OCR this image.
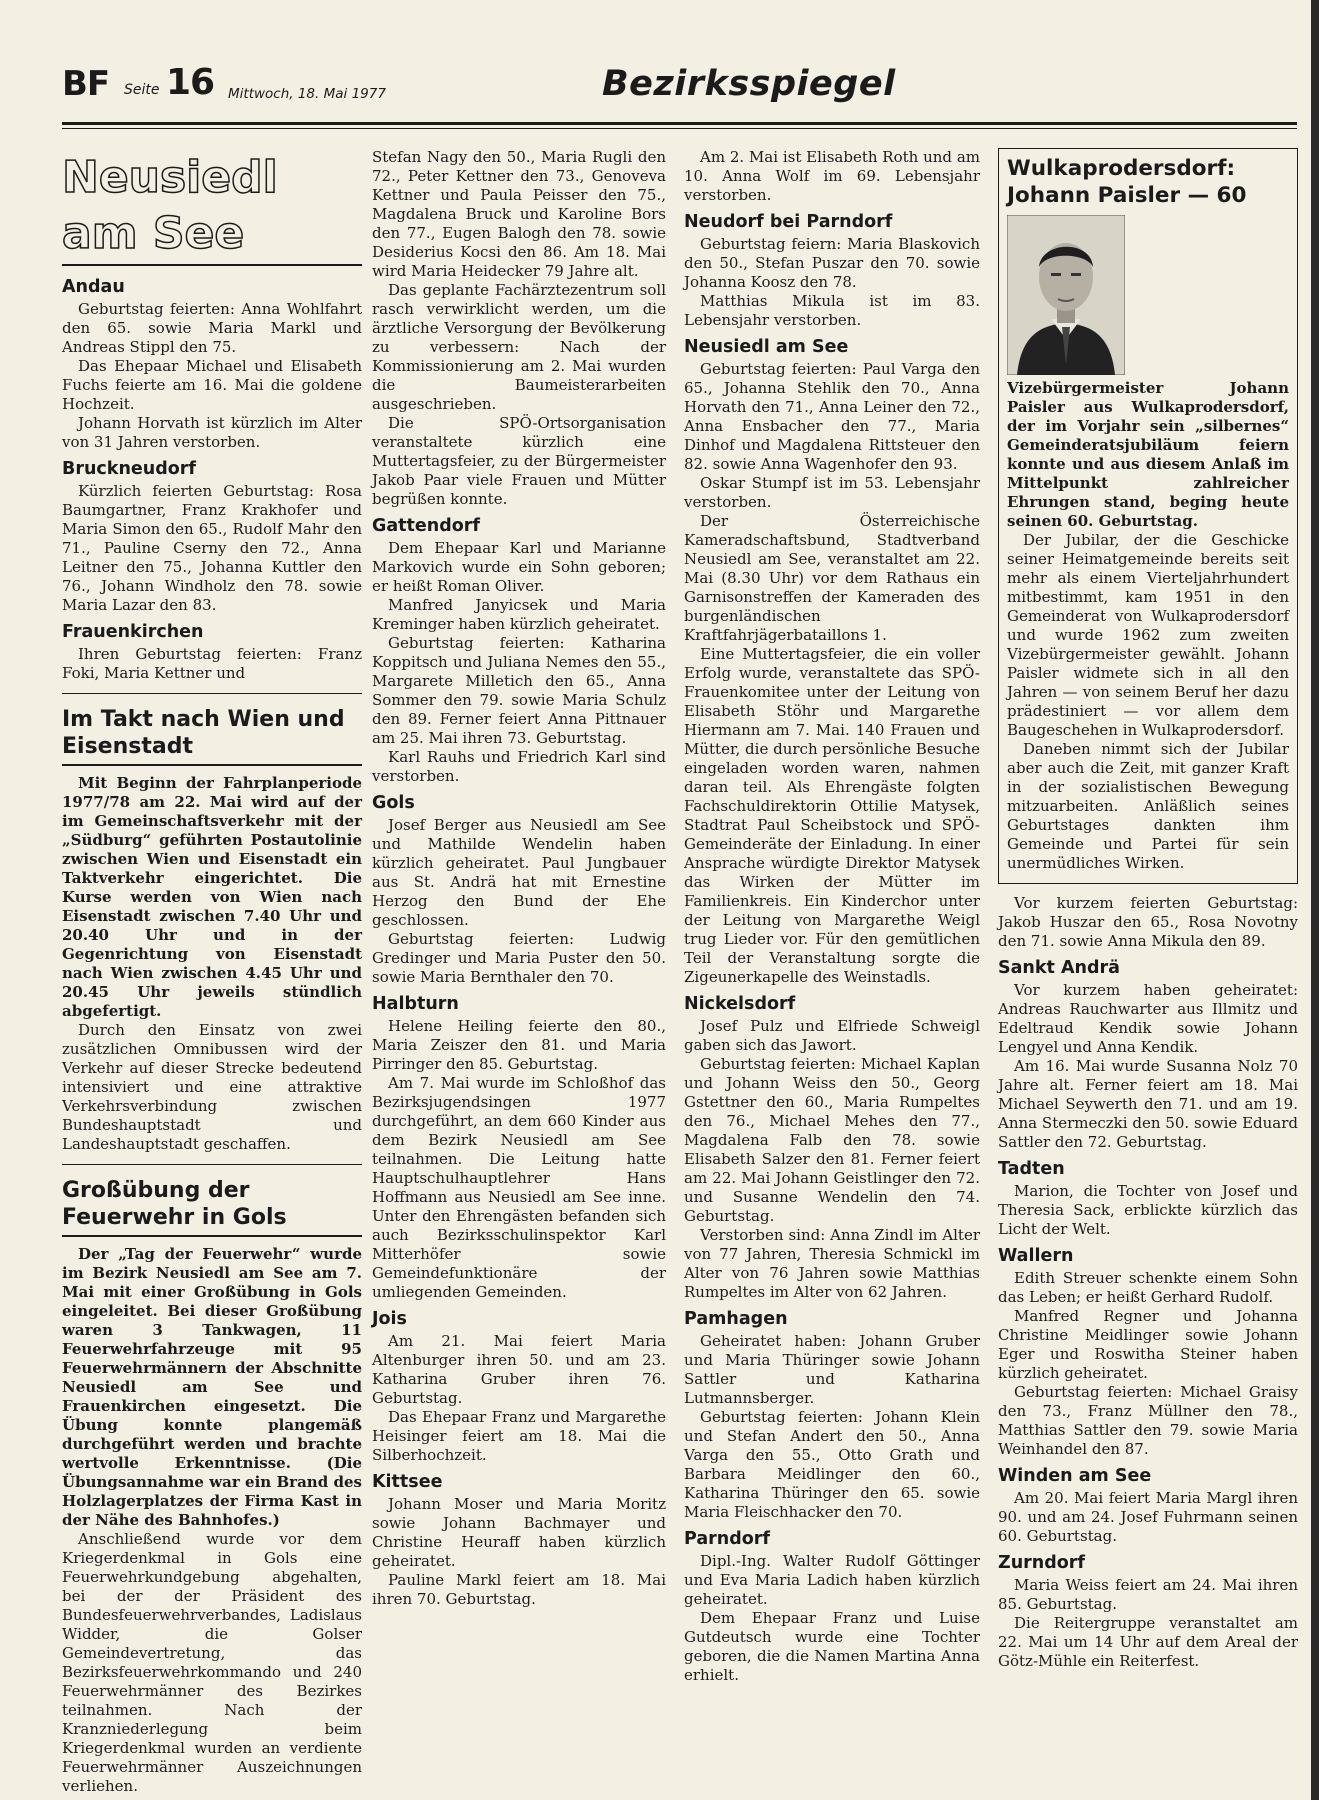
BF Seite 16 Mittwoch, 18. Mai 1977	Bezirksspiegel
Neusiedl am See
Andau

Geburtstag feierten: Anna Wohlfahrt den 65. sowie Maria Markl und Andreas Stippl den 75.

Das Ehepaar Michael und Elisabeth Fuchs feierte am 16. Mai die goldene Hochzeit.

Johann Horvath ist kürzlich im Alter von 31 Jahren verstorben.

Bruckneudorf

Kürzlich feierten Geburtstag: Rosa Baumgartner, Franz Krakhofer und Maria Simon den 65., Rudolf Mahr den 71., Pauline Cserny den 72., Anna Leitner den 75., Johanna Kuttler den 76., Johann Windholz den 78. sowie Maria Lazar den 83.

Frauenkirchen

Ihren Geburtstag feierten: Franz Foki, Maria Kettner und

Im Takt nach Wien und Eisenstadt

Mit Beginn der Fahrplanperiode 1977/78 am 22. Mai wird auf der im Gemeinschaftsverkehr mit der „Südburg“ geführten Postautolinie zwischen Wien und Eisenstadt ein Taktverkehr eingerichtet. Die Kurse werden von Wien nach Eisenstadt zwischen 7.40 Uhr und 20.40 Uhr und in der Gegenrichtung von Eisenstadt nach Wien zwischen 4.45 Uhr und 20.45 Uhr jeweils stündlich abgefertigt.

Durch den Einsatz von zwei zusätzlichen Omnibussen wird der Verkehr auf dieser Strecke bedeutend intensiviert und eine attraktive Verkehrsverbindung zwischen Bundeshauptstadt und Landeshauptstadt geschaffen.

Großübung der Feuerwehr in Gols

Der „Tag der Feuerwehr“ wurde im Bezirk Neusiedl am See am 7. Mai mit einer Großübung in Gols eingeleitet. Bei dieser Großübung waren 3 Tankwagen, 11 Feuerwehrfahrzeuge mit 95 Feuerwehrmännern der Abschnitte Neusiedl am See und Frauenkirchen eingesetzt. Die Übung konnte plangemäß durchgeführt werden und brachte wertvolle Erkenntnisse. (Die Übungsannahme war ein Brand des Holzlagerplatzes der Firma Kast in der Nähe des Bahnhofes.)

Anschließend wurde vor dem Kriegerdenkmal in Gols eine Feuerwehrkundgebung abgehalten, bei der der Präsident des Bundesfeuerwehrverbandes, Ladislaus Widder, die Golser Gemeindevertretung, das Bezirksfeuerwehrkommando und 240 Feuerwehrmänner des Bezirkes teilnahmen. Nach der Kranzniederlegung beim Kriegerdenkmal wurden an verdiente Feuerwehrmänner Auszeichnungen verliehen.

Stefan Nagy den 50., Maria Rugli den 72., Peter Kettner den 73., Genoveva Kettner und Paula Peisser den 75., Magdalena Bruck und Karoline Bors den 77., Eugen Balogh den 78. sowie Desiderius Kocsi den 86. Am 18. Mai wird Maria Heidecker 79 Jahre alt.

Das geplante Fachärztezentrum soll rasch verwirklicht werden, um die ärztliche Versorgung der Bevölkerung zu verbessern: Nach der Kommissionierung am 2. Mai wurden die Baumeisterarbeiten ausgeschrieben.

Die SPÖ-Ortsorganisation veranstaltete kürzlich eine Muttertagsfeier, zu der Bürgermeister Jakob Paar viele Frauen und Mütter begrüßen konnte.

Gattendorf

Dem Ehepaar Karl und Marianne Markovich wurde ein Sohn geboren; er heißt Roman Oliver.

Manfred Janyicsek und Maria Kreminger haben kürzlich geheiratet.

Geburtstag feierten: Katharina Koppitsch und Juliana Nemes den 55., Margarete Milletich den 65., Anna Sommer den 79. sowie Maria Schulz den 89. Ferner feiert Anna Pittnauer am 25. Mai ihren 73. Geburtstag.

Karl Rauhs und Friedrich Karl sind verstorben.

Gols

Josef Berger aus Neusiedl am See und Mathilde Wendelin haben kürzlich geheiratet. Paul Jungbauer aus St. Andrä hat mit Ernestine Herzog den Bund der Ehe geschlossen.

Geburtstag feierten: Ludwig Gredinger und Maria Puster den 50. sowie Maria Bernthaler den 70.

Halbturn

Helene Heiling feierte den 80., Maria Zeiszer den 81. und Maria Pirringer den 85. Geburtstag.

Am 7. Mai wurde im Schloßhof das Bezirksjugendsingen 1977 durchgeführt, an dem 660 Kinder aus dem Bezirk Neusiedl am See teilnahmen. Die Leitung hatte Hauptschulhauptlehrer Hans Hoffmann aus Neusiedl am See inne. Unter den Ehrengästen befanden sich auch Bezirksschulinspektor Karl Mitterhöfer sowie Gemeindefunktionäre der umliegenden Gemeinden.

Jois

Am 21. Mai feiert Maria Altenburger ihren 50. und am 23. Katharina Gruber ihren 76. Geburtstag.

Das Ehepaar Franz und Margarethe Heisinger feiert am 18. Mai die Silberhochzeit.

Kittsee

Johann Moser und Maria Moritz sowie Johann Bachmayer und Christine Heuraff haben kürzlich geheiratet.

Pauline Markl feiert am 18. Mai ihren 70. Geburtstag.

Am 2. Mai ist Elisabeth Roth und am 10. Anna Wolf im 69. Lebensjahr verstorben.

Neudorf bei Parndorf

Geburtstag feiern: Maria Blaskovich den 50., Stefan Puszar den 70. sowie Johanna Koosz den 78.

Matthias Mikula ist im 83. Lebensjahr verstorben.

Neusiedl am See

Geburtstag feierten: Paul Varga den 65., Johanna Stehlik den 70., Anna Horvath den 71., Anna Leiner den 72., Anna Ensbacher den 77., Maria Dinhof und Magdalena Rittsteuer den 82. sowie Anna Wagenhofer den 93.

Oskar Stumpf ist im 53. Lebensjahr verstorben.

Der Österreichische Kameradschaftsbund, Stadtverband Neusiedl am See, veranstaltet am 22. Mai (8.30 Uhr) vor dem Rathaus ein Garnisonstreffen der Kameraden des burgenländischen Kraftfahrjägerbataillons 1.

Eine Muttertagsfeier, die ein voller Erfolg wurde, veranstaltete das SPÖ-Frauenkomitee unter der Leitung von Elisabeth Stöhr und Margarethe Hiermann am 7. Mai. 140 Frauen und Mütter, die durch persönliche Besuche eingeladen worden waren, nahmen daran teil. Als Ehrengäste folgten Fachschuldirektorin Ottilie Matysek, Stadtrat Paul Scheibstock und SPÖ-Gemeinderäte der Einladung. In einer Ansprache würdigte Direktor Matysek das Wirken der Mütter im Familienkreis. Ein Kinderchor unter der Leitung von Margarethe Weigl trug Lieder vor. Für den gemütlichen Teil der Veranstaltung sorgte die Zigeunerkapelle des Weinstadls.

Nickelsdorf

Josef Pulz und Elfriede Schweigl gaben sich das Jawort.

Geburtstag feierten: Michael Kaplan und Johann Weiss den 50., Georg Gstettner den 60., Maria Rumpeltes den 76., Michael Mehes den 77., Magdalena Falb den 78. sowie Elisabeth Salzer den 81. Ferner feiert am 22. Mai Johann Geistlinger den 72. und Susanne Wendelin den 74. Geburtstag.

Verstorben sind: Anna Zindl im Alter von 77 Jahren, Theresia Schmickl im Alter von 76 Jahren sowie Matthias Rumpeltes im Alter von 62 Jahren.

Pamhagen

Geheiratet haben: Johann Gruber und Maria Thüringer sowie Johann Sattler und Katharina Lutmannsberger.

Geburtstag feierten: Johann Klein und Stefan Andert den 50., Anna Varga den 55., Otto Grath und Barbara Meidlinger den 60., Katharina Thüringer den 65. sowie Maria Fleischhacker den 70.

Parndorf

Dipl.-Ing. Walter Rudolf Göttinger und Eva Maria Ladich haben kürzlich geheiratet.

Dem Ehepaar Franz und Luise Gutdeutsch wurde eine Tochter geboren, die die Namen Martina Anna erhielt.

Wulkaprodersdorf:
Johann Paisler — 60

Vizebürgermeister Johann Paisler aus Wulkaprodersdorf, der im Vorjahr sein „silbernes“ Gemeinderatsjubiläum feiern konnte und aus diesem Anlaß im Mittelpunkt zahlreicher Ehrungen stand, beging heute seinen 60. Geburtstag.

Der Jubilar, der die Geschicke seiner Heimatgemeinde bereits seit mehr als einem Vierteljahrhundert mitbestimmt, kam 1951 in den Gemeinderat von Wulkaprodersdorf und wurde 1962 zum zweiten Vizebürgermeister gewählt. Johann Paisler widmete sich in all den Jahren — von seinem Beruf her dazu prädestiniert — vor allem dem Baugeschehen in Wulkaprodersdorf.

Daneben nimmt sich der Jubilar aber auch die Zeit, mit ganzer Kraft in der sozialistischen Bewegung mitzuarbeiten. Anläßlich seines Geburtstages dankten ihm Gemeinde und Partei für sein unermüdliches Wirken.

Vor kurzem feierten Geburtstag: Jakob Huszar den 65., Rosa Novotny den 71. sowie Anna Mikula den 89.

Sankt Andrä

Vor kurzem haben geheiratet: Andreas Rauchwarter aus Illmitz und Edeltraud Kendik sowie Johann Lengyel und Anna Kendik.

Am 16. Mai wurde Susanna Nolz 70 Jahre alt. Ferner feiert am 18. Mai Michael Seywerth den 71. und am 19. Anna Stermeczki den 50. sowie Eduard Sattler den 72. Geburtstag.

Tadten

Marion, die Tochter von Josef und Theresia Sack, erblickte kürzlich das Licht der Welt.

Wallern

Edith Streuer schenkte einem Sohn das Leben; er heißt Gerhard Rudolf.

Manfred Regner und Johanna Christine Meidlinger sowie Johann Eger und Roswitha Steiner haben kürzlich geheiratet.

Geburtstag feierten: Michael Graisy den 73., Franz Müllner den 78., Matthias Sattler den 79. sowie Maria Weinhandel den 87.

Winden am See

Am 20. Mai feiert Maria Margl ihren 90. und am 24. Josef Fuhrmann seinen 60. Geburtstag.

Zurndorf

Maria Weiss feiert am 24. Mai ihren 85. Geburtstag.

Die Reitergruppe veranstaltet am 22. Mai um 14 Uhr auf dem Areal der Götz-Mühle ein Reiterfest.
